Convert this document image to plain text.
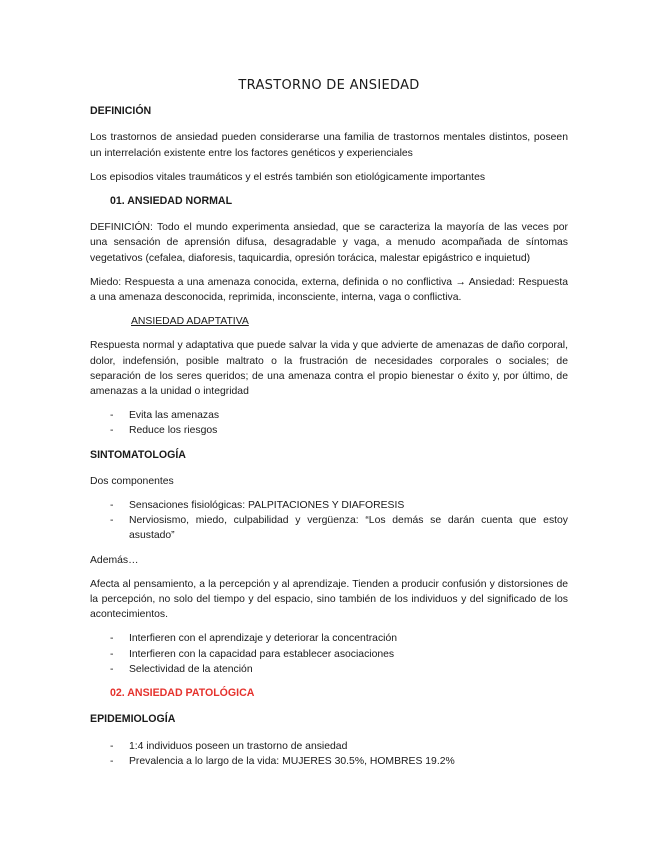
TRASTORNO DE ANSIEDAD
DEFINICIÓN

Los trastornos de ansiedad pueden considerarse una familia de trastornos mentales distintos, poseen un interrelación existente entre los factores genéticos y experienciales

Los episodios vitales traumáticos y el estrés también son etiológicamente importantes

01. ANSIEDAD NORMAL

DEFINICIÓN: Todo el mundo experimenta ansiedad, que se caracteriza la mayoría de las veces por una sensación de aprensión difusa, desagradable y vaga, a menudo acompañada de síntomas vegetativos (cefalea, diaforesis, taquicardia, opresión torácica, malestar epigástrico e inquietud)

Miedo: Respuesta a una amenaza conocida, externa, definida o no conflictiva → Ansiedad: Respuesta a una amenaza desconocida, reprimida, inconsciente, interna, vaga o conflictiva.

ANSIEDAD ADAPTATIVA

Respuesta normal y adaptativa que puede salvar la vida y que advierte de amenazas de daño corporal, dolor, indefensión, posible maltrato o la frustración de necesidades corporales o sociales; de separación de los seres queridos; de una amenaza contra el propio bienestar o éxito y, por último, de amenazas a la unidad o integridad

- Evita las amenazas
- Reduce los riesgos
SINTOMATOLOGÍA

Dos componentes

- Sensaciones fisiológicas: PALPITACIONES Y DIAFORESIS
- Nerviosismo, miedo, culpabilidad y vergüenza: “Los demás se darán cuenta que estoy asustado”

Además…

Afecta al pensamiento, a la percepción y al aprendizaje. Tienden a producir confusión y distorsiones de la percepción, no solo del tiempo y del espacio, sino también de los individuos y del significado de los acontecimientos.

- Interfieren con el aprendizaje y deteriorar la concentración
- Interfieren con la capacidad para establecer asociaciones
- Selectividad de la atención
02. ANSIEDAD PATOLÓGICA
EPIDEMIOLOGÍA
- 1:4 individuos poseen un trastorno de ansiedad
- Prevalencia a lo largo de la vida: MUJERES 30.5%, HOMBRES 19.2%
